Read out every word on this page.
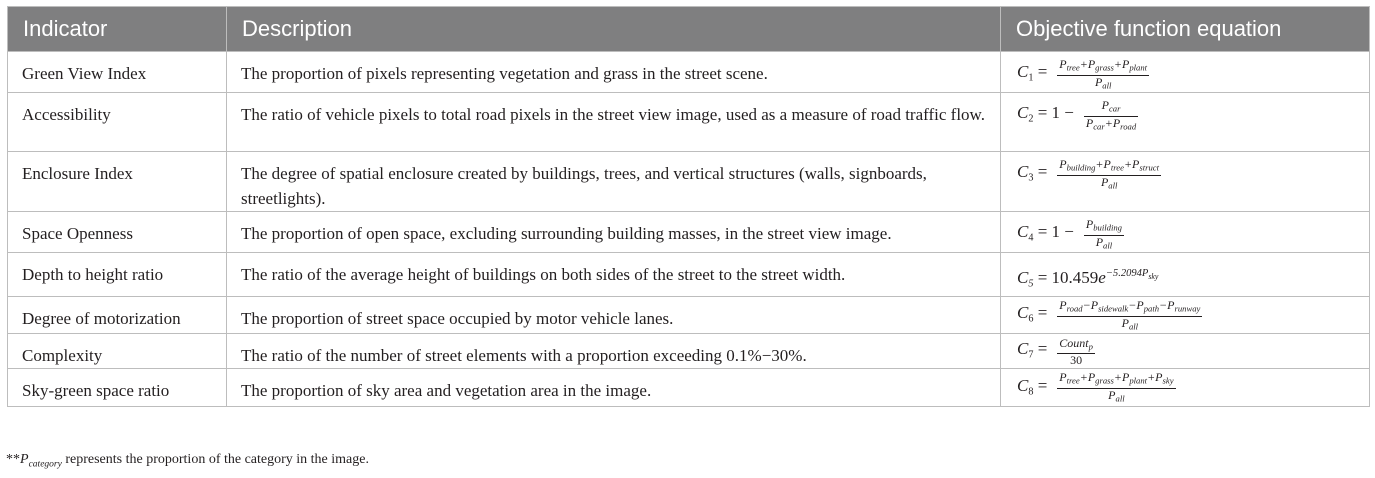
Indicator	Description	Objective function equation
Green View Index	The proportion of pixels representing vegetation and grass in the street scene.	$C_1 = \frac{P_{tree}+P_{grass}+P_{plant}}{P_{all}}$

Accessibility	The ratio of vehicle pixels to total road pixels in the street view image, used as a measure of road traffic flow.	$C_2 = 1 - \frac{P_{car}}{P_{car}+P_{road}}$

Enclosure Index	The degree of spatial enclosure created by buildings, trees, and vertical structures (walls, signboards, streetlights).	$C_3 = \frac{P_{building}+P_{tree}+P_{struct}}{P_{all}}$

Space Openness	The proportion of open space, excluding surrounding building masses, in the street view image.	$C_4 = 1 - \frac{P_{building}}{P_{all}}$

Depth to height ratio	The ratio of the average height of buildings on both sides of the street to the street width.	$C_5 = 10.459e^{-5.2094P_{sky}}$
Degree of motorization	The proportion of street space occupied by motor vehicle lanes.	$C_6 = \frac{P_{road}-P_{sidewalk}-P_{path}-P_{runway}}{P_{all}}$

Complexity	The ratio of the number of street elements with a proportion exceeding 0.1%−30%.	$C_7 = \frac{Count_p}{30}$

Sky-green space ratio	The proportion of sky area and vegetation area in the image.	$C_8 = \frac{P_{tree}+P_{grass}+P_{plant}+P_{sky}}{P_{all}}$
$**P_{category}$ represents the proportion of the category in the image.
